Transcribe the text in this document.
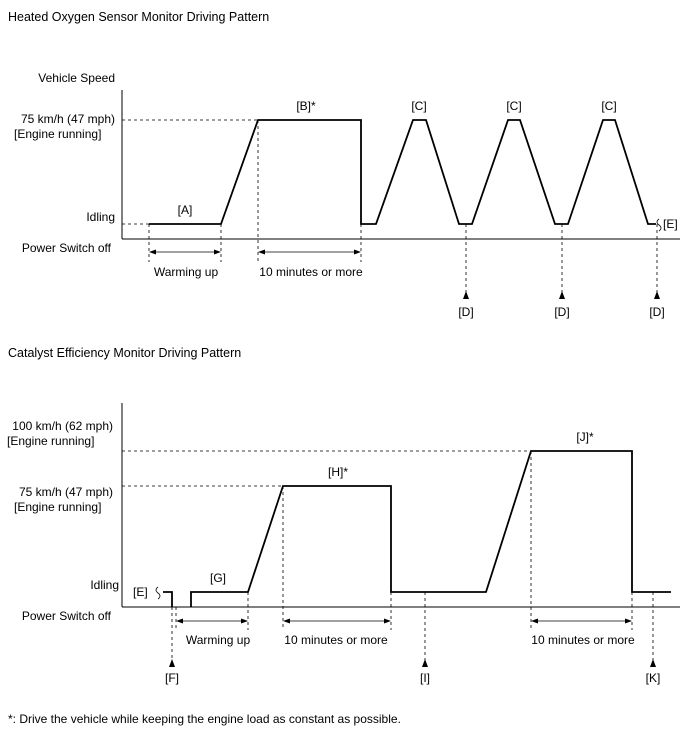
Heated Oxygen Sensor Monitor Driving Pattern
Vehicle Speed
75 km/h (47 mph)
[Engine running]
Idling
Power Switch off
[E]
[A]
[B]*	[C]	[C]	[C]
Warming up	10 minutes or more
[D]	[D]	[D]
Catalyst Efficiency Monitor Driving Pattern
100 km/h (62 mph)
[Engine running]
75 km/h (47 mph)
[Engine running]
Idling
Power Switch off
[E]
[G]
[H]*
[J]*
Warming up	10 minutes or more	10 minutes or more
[F]	[I]	[K]
*: Drive the vehicle while keeping the engine load as constant as possible.
